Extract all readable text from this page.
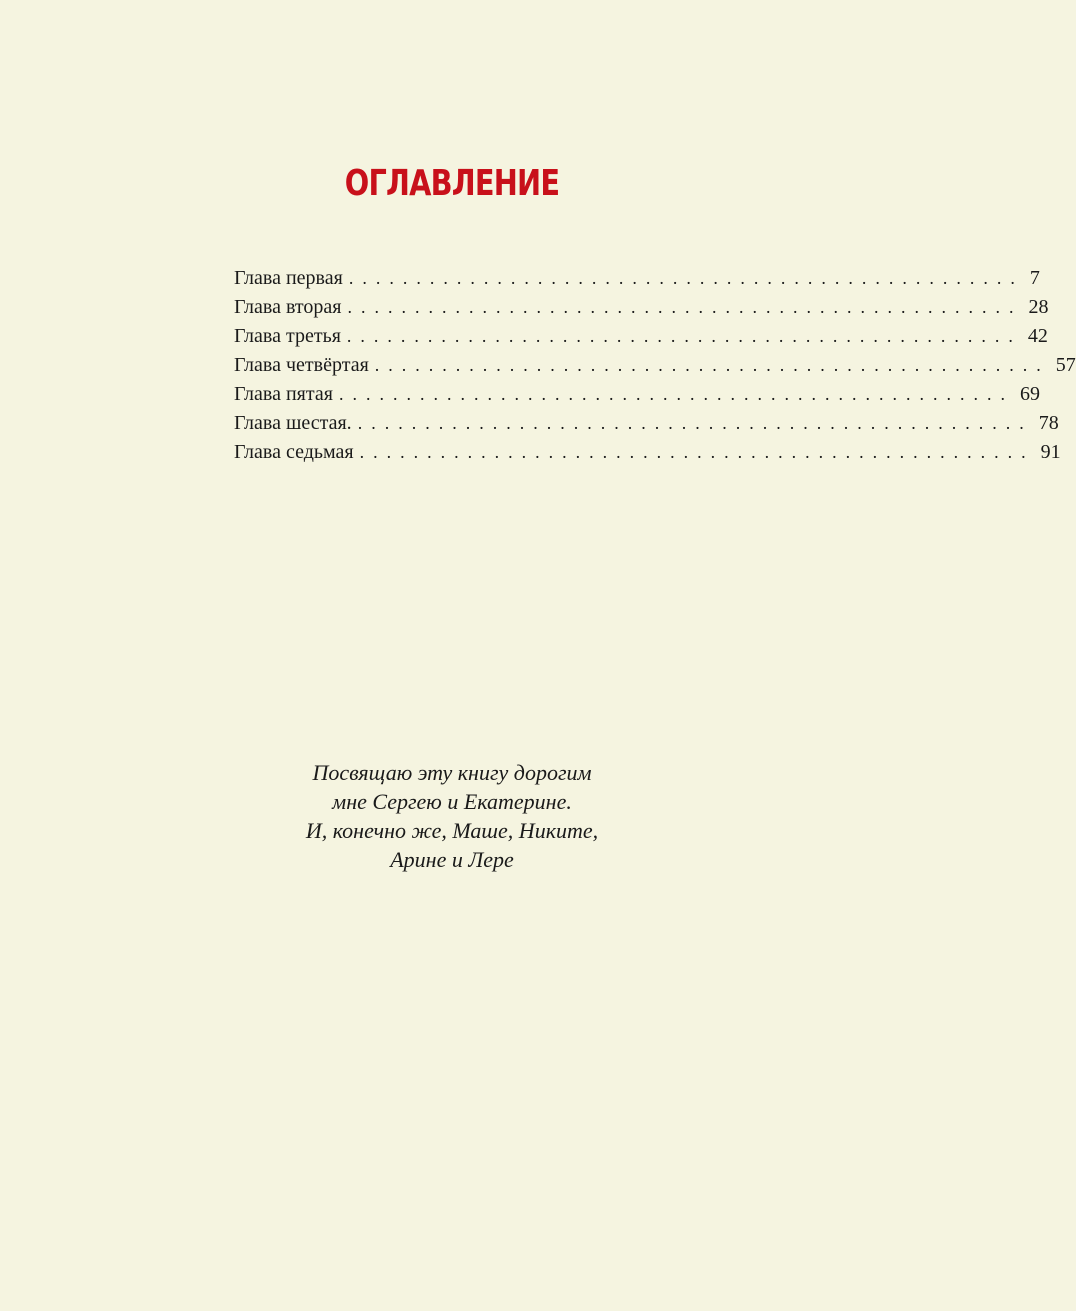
ОГЛАВЛЕНИЕ
Глава первая .................................................. 7
Глава вторая .................................................. 28
Глава третья .................................................. 42
Глава четвёртая .................................................. 57
Глава пятая .................................................. 69
Глава шестая. .................................................. 78
Глава седьмая .................................................. 91
Посвящаю эту книгу дорогим
мне Сергею и Екатерине.
И, конечно же, Маше, Никите,
Арине и Лере
